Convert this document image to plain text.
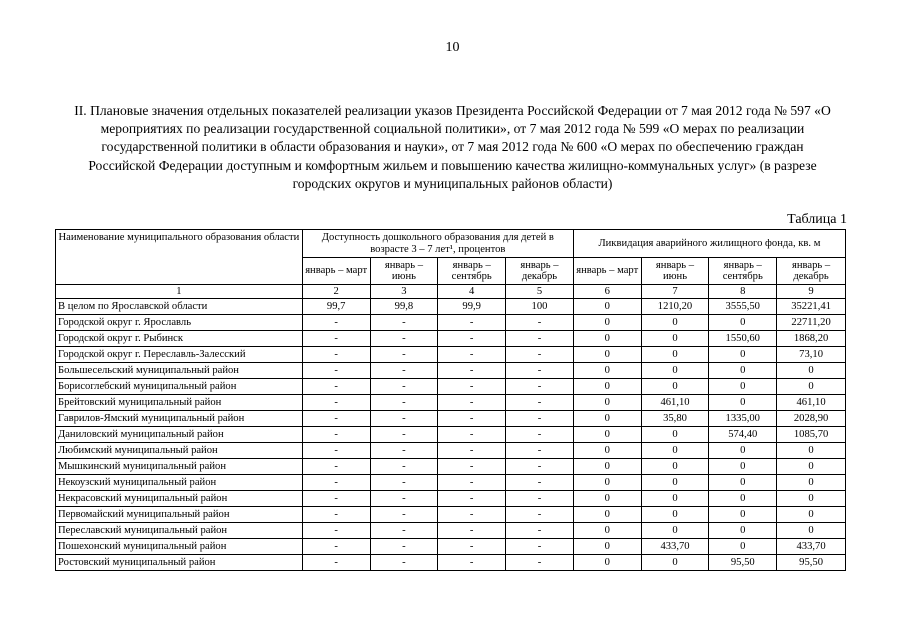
10
II. Плановые значения отдельных показателей реализации указов Президента Российской Федерации от 7 мая 2012 года № 597 «О мероприятиях по реализации государственной социальной политики», от 7 мая 2012 года № 599 «О мерах по реализации государственной политики в области образования и науки», от 7 мая 2012 года № 600 «О мерах по обеспечению граждан Российской Федерации доступным и комфортным жильем и повышению качества жилищно-коммунальных услуг» (в разрезе городских округов и муниципальных районов области)
Таблица 1
Наименование муниципального образования области	Доступность дошкольного образования для детей в возрасте 3 – 7 лет¹, процентов				Ликвидация аварийного жилищного фонда, кв. м			
	январь – март	январь – июнь	январь – сентябрь	январь – декабрь	январь – март	январь – июнь	январь – сентябрь	январь – декабрь
1	2	3	4	5	6	7	8	9
В целом по Ярославской области	99,7	99,8	99,9	100	0	1210,20	3555,50	35221,41
Городской округ г. Ярославль	-	-	-	-	0	0	0	22711,20
Городской округ г. Рыбинск	-	-	-	-	0	0	1550,60	1868,20
Городской округ г. Переславль-Залесский	-	-	-	-	0	0	0	73,10
Большесельский муниципальный район	-	-	-	-	0	0	0	0
Борисоглебский муниципальный район	-	-	-	-	0	0	0	0
Брейтовский муниципальный район	-	-	-	-	0	461,10	0	461,10
Гаврилов-Ямский муниципальный район	-	-	-	-	0	35,80	1335,00	2028,90
Даниловский муниципальный район	-	-	-	-	0	0	574,40	1085,70
Любимский муниципальный район	-	-	-	-	0	0	0	0
Мышкинский муниципальный район	-	-	-	-	0	0	0	0
Некоузский муниципальный район	-	-	-	-	0	0	0	0
Некрасовский муниципальный район	-	-	-	-	0	0	0	0
Первомайский муниципальный район	-	-	-	-	0	0	0	0
Переславский муниципальный район	-	-	-	-	0	0	0	0
Пошехонский муниципальный район	-	-	-	-	0	433,70	0	433,70
Ростовский муниципальный район	-	-	-	-	0	0	95,50	95,50
